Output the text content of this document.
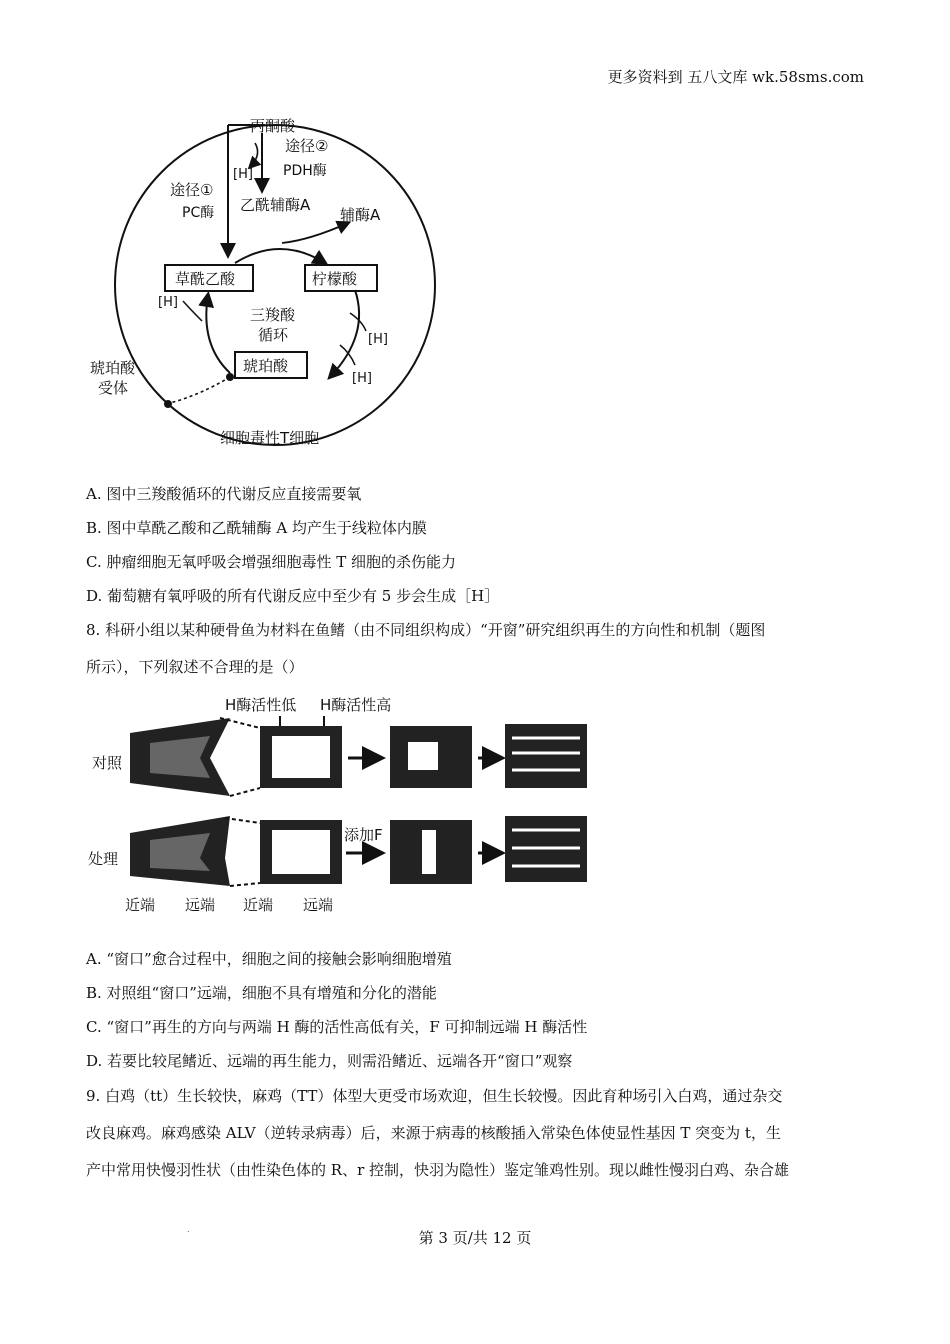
更多资料到 五八文库 wk.58sms.com
丙酮酸
途径②
[H] PDH酶
途径①
PC酶 乙酰辅酶A
辅酶A
草酰乙酸	柠檬酸
[H]
三羧酸
循环	[H]
琥珀酸
[H]
琥珀酸
受体
细胞毒性T细胞
A. 图中三羧酸循环的代谢反应直接需要氧
B. 图中草酰乙酸和乙酰辅酶 A 均产生于线粒体内膜
C. 肿瘤细胞无氧呼吸会增强细胞毒性 T 细胞的杀伤能力
D. 葡萄糖有氧呼吸的所有代谢反应中至少有 5 步会生成［H］
8. 科研小组以某种硬骨鱼为材料在鱼鳍（由不同组织构成）“开窗”研究组织再生的方向性和机制（题图
所示），下列叙述不合理的是（）
H酶活性低 H酶活性高
对照
处理
添加F
近端 远端 近端 远端
A. “窗口”愈合过程中，细胞之间的接触会影响细胞增殖
B. 对照组“窗口”远端，细胞不具有增殖和分化的潜能
C. “窗口”再生的方向与两端 H 酶的活性高低有关，F 可抑制远端 H 酶活性
D. 若要比较尾鳍近、远端的再生能力，则需沿鳍近、远端各开“窗口”观察
9. 白鸡（tt）生长较快，麻鸡（TT）体型大更受市场欢迎，但生长较慢。因此育种场引入白鸡，通过杂交
改良麻鸡。麻鸡感染 ALV（逆转录病毒）后，来源于病毒的核酸插入常染色体使显性基因 T 突变为 t，生
产中常用快慢羽性状（由性染色体的 R、r 控制，快羽为隐性）鉴定雏鸡性别。现以雌性慢羽白鸡、杂合雄
.	第 3 页/共 12 页
